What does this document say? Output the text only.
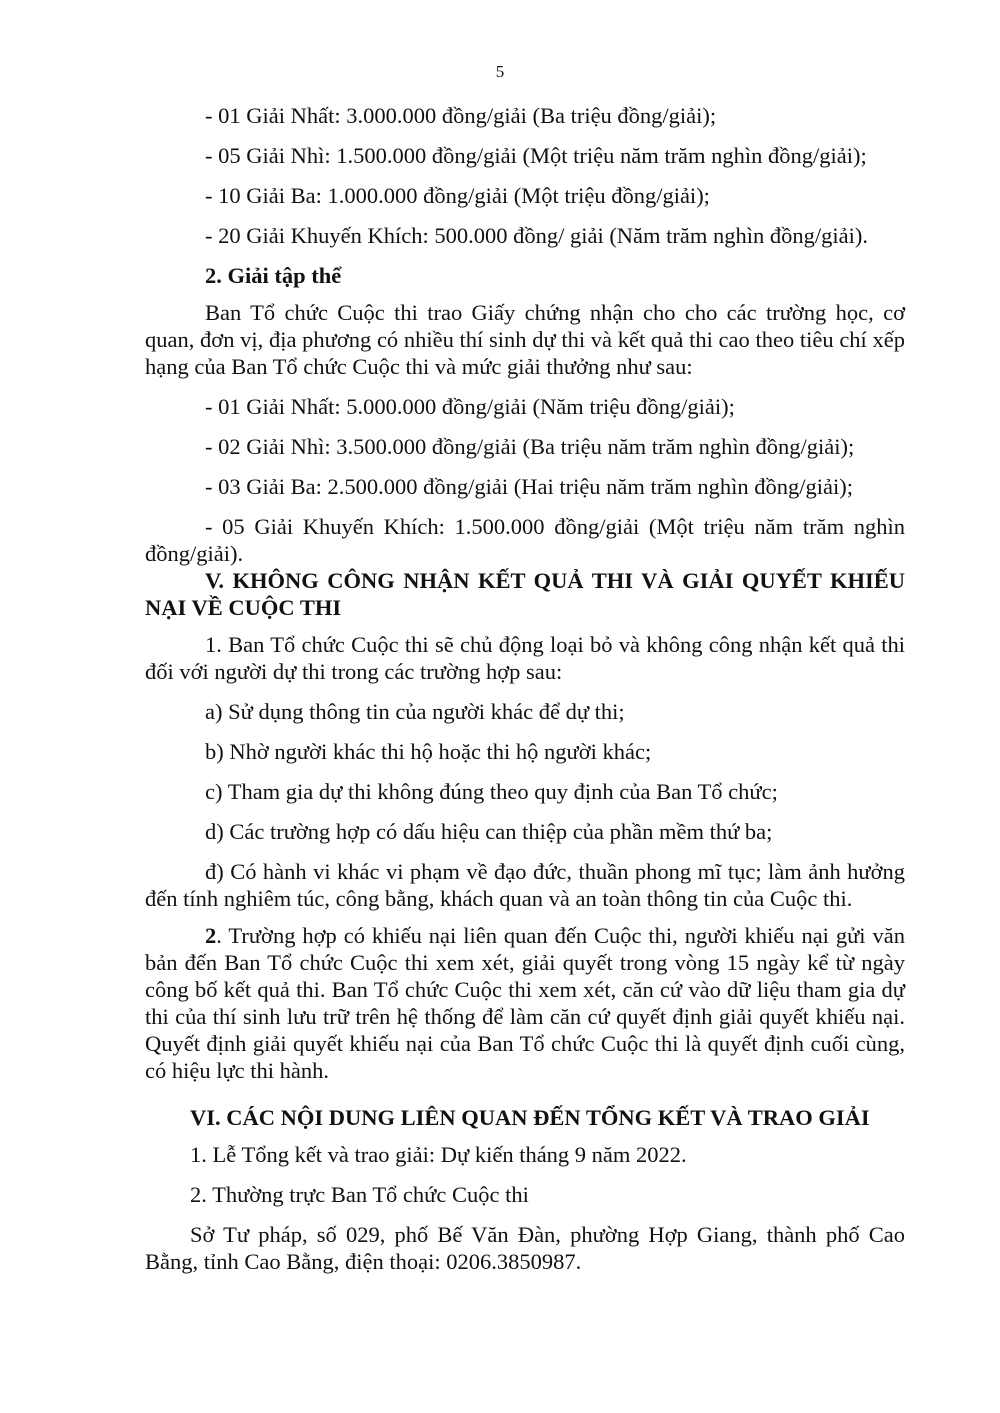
5

- 01 Giải Nhất: 3.000.000 đồng/giải (Ba triệu đồng/giải);

- 05 Giải Nhì: 1.500.000 đồng/giải (Một triệu năm trăm nghìn đồng/giải);

- 10 Giải Ba: 1.000.000 đồng/giải (Một triệu đồng/giải);

- 20 Giải Khuyến Khích: 500.000 đồng/ giải (Năm trăm nghìn đồng/giải).

2. Giải tập thể

Ban Tổ chức Cuộc thi trao Giấy chứng nhận cho cho các trường học, cơ quan, đơn vị, địa phương có nhiều thí sinh dự thi và kết quả thi cao theo tiêu chí xếp hạng của Ban Tổ chức Cuộc thi và mức giải thưởng như sau:

- 01 Giải Nhất: 5.000.000 đồng/giải (Năm triệu đồng/giải);

- 02 Giải Nhì: 3.500.000 đồng/giải (Ba triệu năm trăm nghìn đồng/giải);

- 03 Giải Ba: 2.500.000 đồng/giải (Hai triệu năm trăm nghìn đồng/giải);

- 05 Giải Khuyến Khích: 1.500.000 đồng/giải (Một triệu năm trăm nghìn đồng/giải).

V. KHÔNG CÔNG NHẬN KẾT QUẢ THI VÀ GIẢI QUYẾT KHIẾU NẠI VỀ CUỘC THI

1. Ban Tổ chức Cuộc thi sẽ chủ động loại bỏ và không công nhận kết quả thi đối với người dự thi trong các trường hợp sau:

a) Sử dụng thông tin của người khác để dự thi;

b) Nhờ người khác thi hộ hoặc thi hộ người khác;

c) Tham gia dự thi không đúng theo quy định của Ban Tổ chức;

d) Các trường hợp có dấu hiệu can thiệp của phần mềm thứ ba;

đ) Có hành vi khác vi phạm về đạo đức, thuần phong mĩ tục; làm ảnh hưởng đến tính nghiêm túc, công bằng, khách quan và an toàn thông tin của Cuộc thi.

2. Trường hợp có khiếu nại liên quan đến Cuộc thi, người khiếu nại gửi văn bản đến Ban Tổ chức Cuộc thi xem xét, giải quyết trong vòng 15 ngày kể từ ngày công bố kết quả thi. Ban Tổ chức Cuộc thi xem xét, căn cứ vào dữ liệu tham gia dự thi của thí sinh lưu trữ trên hệ thống để làm căn cứ quyết định giải quyết khiếu nại. Quyết định giải quyết khiếu nại của Ban Tổ chức Cuộc thi là quyết định cuối cùng, có hiệu lực thi hành.

VI. CÁC NỘI DUNG LIÊN QUAN ĐẾN TỔNG KẾT VÀ TRAO GIẢI

1. Lễ Tổng kết và trao giải: Dự kiến tháng 9 năm 2022.

2. Thường trực Ban Tổ chức Cuộc thi

Sở Tư pháp, số 029, phố Bế Văn Đàn, phường Hợp Giang, thành phố Cao Bằng, tỉnh Cao Bằng, điện thoại: 0206.3850987.
